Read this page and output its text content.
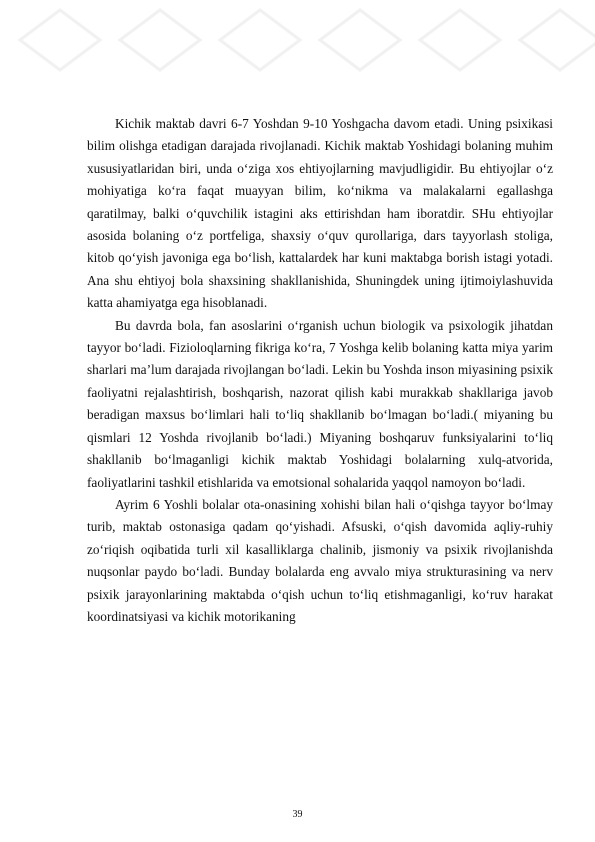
Kichik maktab davri 6-7 Yoshdan 9-10 Yoshgacha davom etadi. Uning psixikasi bilim olishga etadigan darajada rivojlanadi. Kichik maktab Yoshidagi bolaning muhim xususiyatlaridan biri, unda o‘ziga xos ehtiyojlarning mavjudligidir. Bu ehtiyojlar o‘z mohiyatiga ko‘ra faqat muayyan bilim, ko‘nikma va malakalarni egallashga qaratilmay, balki o‘quvchilik istagini aks ettirishdan ham iboratdir. SHu ehtiyojlar asosida bolaning o‘z portfeliga, shaxsiy o‘quv qurollariga, dars tayyorlash stoliga, kitob qo‘yish javoniga ega bo‘lish, kattalardek har kuni maktabga borish istagi yotadi. Ana shu ehtiyoj bola shaxsining shakllanishida, Shuningdek uning ijtimoiylashuvida katta ahamiyatga ega hisoblanadi.

Bu davrda bola, fan asoslarini o‘rganish uchun biologik va psixologik jihatdan tayyor bo‘ladi. Fizioloqlarning fikriga ko‘ra, 7 Yoshga kelib bolaning katta miya yarim sharlari ma’lum darajada rivojlangan bo‘ladi. Lekin bu Yoshda inson miyasining psixik faoliyatni rejalashtirish, boshqarish, nazorat qilish kabi murakkab shakllariga javob beradigan maxsus bo‘limlari hali to‘liq shakllanib bo‘lmagan bo‘ladi.( miyaning bu qismlari 12 Yoshda rivojlanib bo‘ladi.) Miyaning boshqaruv funksiyalarini to‘liq shakllanib bo‘lmaganligi kichik maktab Yoshidagi bolalarning xulq-atvorida, faoliyatlarini tashkil etishlarida va emotsional sohalarida yaqqol namoyon bo‘ladi.

Ayrim 6 Yoshli bolalar ota-onasining xohishi bilan hali o‘qishga tayyor bo‘lmay turib, maktab ostonasiga qadam qo‘yishadi. Afsuski, o‘qish davomida aqliy-ruhiy zo‘riqish oqibatida turli xil kasalliklarga chalinib, jismoniy va psixik rivojlanishda nuqsonlar paydo bo‘ladi. Bunday bolalarda eng avvalo miya strukturasining va nerv psixik jarayonlarining maktabda o‘qish uchun to‘liq etishmaganligi, ko‘ruv harakat koordinatsiyasi va kichik motorikaning

39
